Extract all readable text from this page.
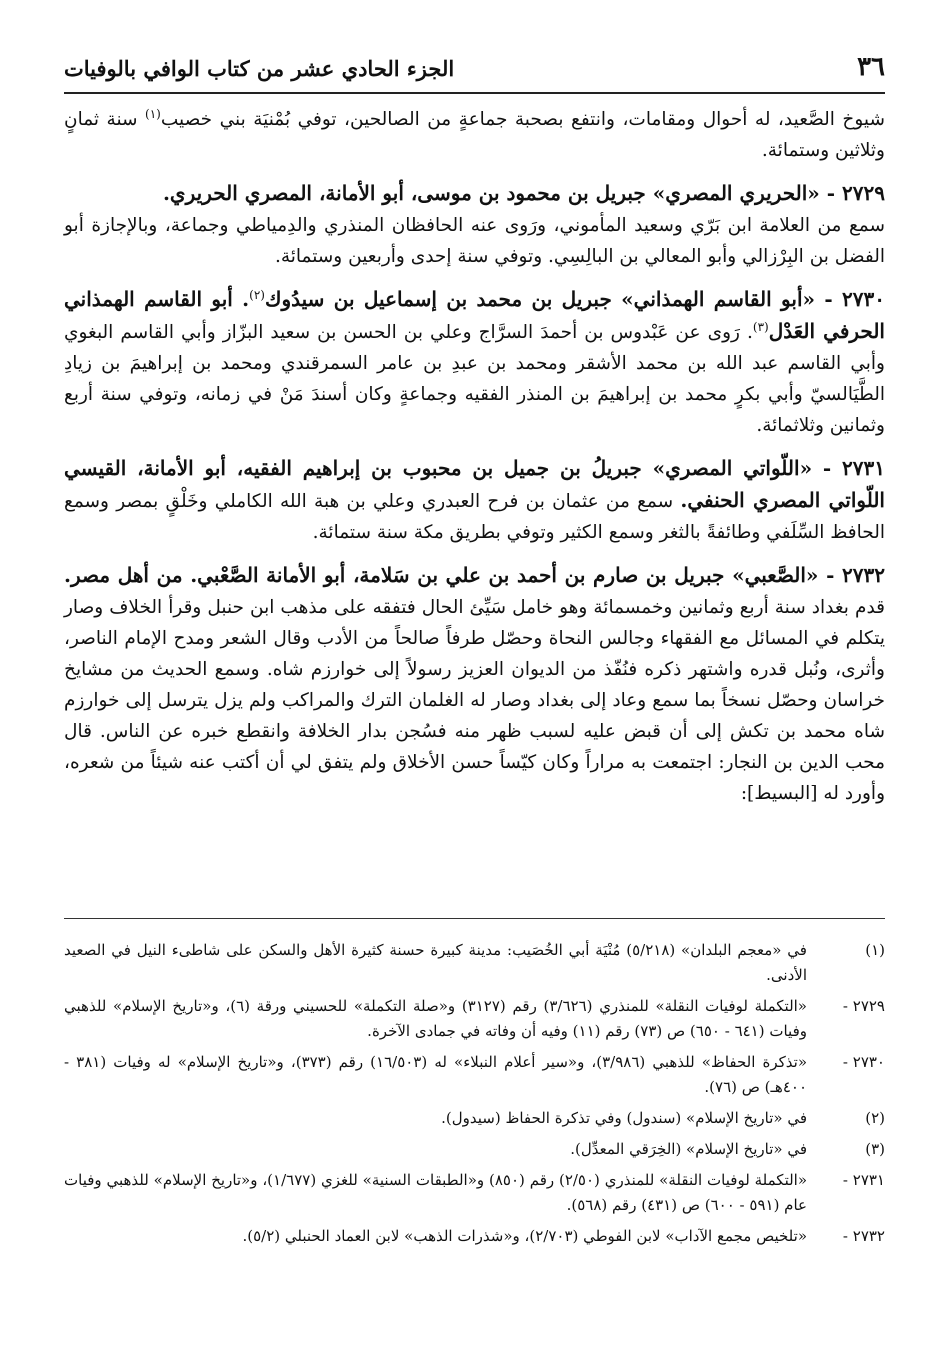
٣٦
الجزء الحادي عشر من كتاب الوافي بالوفيات

شيوخ الصَّعيد، له أحوال ومقامات، وانتفع بصحبة جماعةٍ من الصالحين، توفي بُمْنيَة بني خصيب$^{(١)}$ سنة ثمانٍ وثلاثين وستمائة.

٢٧٢٩ - «الحريري المصري» جبريل بن محمود بن موسى، أبو الأمانة، المصري الحريري.

سمع من العلامة ابن بَرّي وسعيد المأموني، ورَوى عنه الحافظان المنذري والدِمياطي وجماعة، وبالإجازة أبو الفضل بن البِرْزالي وأبو المعالي بن البالِسِي. وتوفي سنة إحدى وأربعين وستمائة.

٢٧٣٠ - «أبو القاسم الهمذاني» جبريل بن محمد بن إسماعيل بن سيدُوك$^{(٢)}$. أبو القاسم الهمذاني الحرفي العَدْل$^{(٣)}$. رَوى عن عَبْدوس بن أحمدَ السرَّاج وعلي بن الحسن بن سعيد البزّاز وأبي القاسم البغوي وأبي القاسم عبد الله بن محمد الأشقر ومحمد بن عبدِ بن عامر السمرقندي ومحمد بن إبراهيمَ بن زيادِ الطَّيَالسيّ وأبي بكرٍ محمد بن إبراهيمَ بن المنذر الفقيه وجماعةٍ وكان أسندَ مَنْ في زمانه، وتوفي سنة أربع وثمانين وثلاثمائة.

٢٧٣١ - «اللّواتي المصري» جبريلُ بن جميل بن محبوب بن إبراهيم الفقيه، أبو الأمانة، القيسي اللّواتي المصري الحنفي. سمع من عثمان بن فرح العبدري وعلي بن هبة الله الكاملي وخَلْقٍ بمصر وسمع الحافظ السِّلَفي وطائفةً بالثغر وسمع الكثير وتوفي بطريق مكة سنة ستمائة.

٢٧٣٢ - «الصَّعبي» جبريل بن صارم بن أحمد بن علي بن سَلامة، أبو الأمانة الصَّعْبي. من أهل مصر. قدم بغداد سنة أربع وثمانين وخمسمائة وهو خامل سَيِّئ الحال فتفقه على مذهب ابن حنبل وقرأ الخلاف وصار يتكلم في المسائل مع الفقهاء وجالس النحاة وحصّل طرفاً صالحاً من الأدب وقال الشعر ومدح الإمام الناصر، وأثرى، ونُبل قدره واشتهر ذكره فنُفّذ من الديوان العزيز رسولاً إلى خوارزم شاه. وسمع الحديث من مشايخ خراسان وحصّل نسخاً بما سمع وعاد إلى بغداد وصار له الغلمان الترك والمراكب ولم يزل يترسل إلى خوارزم شاه محمد بن تكش إلى أن قبض عليه لسبب ظهر منه فسُجن بدار الخلافة وانقطع خبره عن الناس. قال محب الدين بن النجار: اجتمعت به مراراً وكان كيّساً حسن الأخلاق ولم يتفق لي أن أكتب عنه شيئاً من شعره، وأورد له [البسيط]:

(١)
في «معجم البلدان» (٥/٢١٨) مُنْيَة أبي الخُصَيب: مدينة كبيرة حسنة كثيرة الأهل والسكن على شاطىء النيل في الصعيد الأدنى.
٢٧٢٩ -
«التكملة لوفيات النقلة» للمنذري (٣/٦٢٦) رقم (٣١٢٧) و«صلة التكملة» للحسيني ورقة (٦)، و«تاريخ الإسلام» للذهبي وفيات (٦٤١ - ٦٥٠) ص (٧٣) رقم (١١) وفيه أن وفاته في جمادى الآخرة.
٢٧٣٠ -
«تذكرة الحفاظ» للذهبي (٣/٩٨٦)، و«سير أعلام النبلاء» له (١٦/٥٠٣) رقم (٣٧٣)، و«تاريخ الإسلام» له وفيات (٣٨١ - ٤٠٠هـ) ص (٧٦).
(٢)
في «تاريخ الإسلام» (سندول) وفي تذكرة الحفاظ (سيدول).
(٣)
في «تاريخ الإسلام» (الخِرَقي المعدِّل).
٢٧٣١ -
«التكملة لوفيات النقلة» للمنذري (٢/٥٠) رقم (٨٥٠) و«الطبقات السنية» للغزي (١/٦٧٧)، و«تاريخ الإسلام» للذهبي وفيات عام (٥٩١ - ٦٠٠) ص (٤٣١) رقم (٥٦٨).
٢٧٣٢ -
«تلخيص مجمع الآداب» لابن الفوطي (٢/٧٠٣)، و«شذرات الذهب» لابن العماد الحنبلي (٥/٢).
